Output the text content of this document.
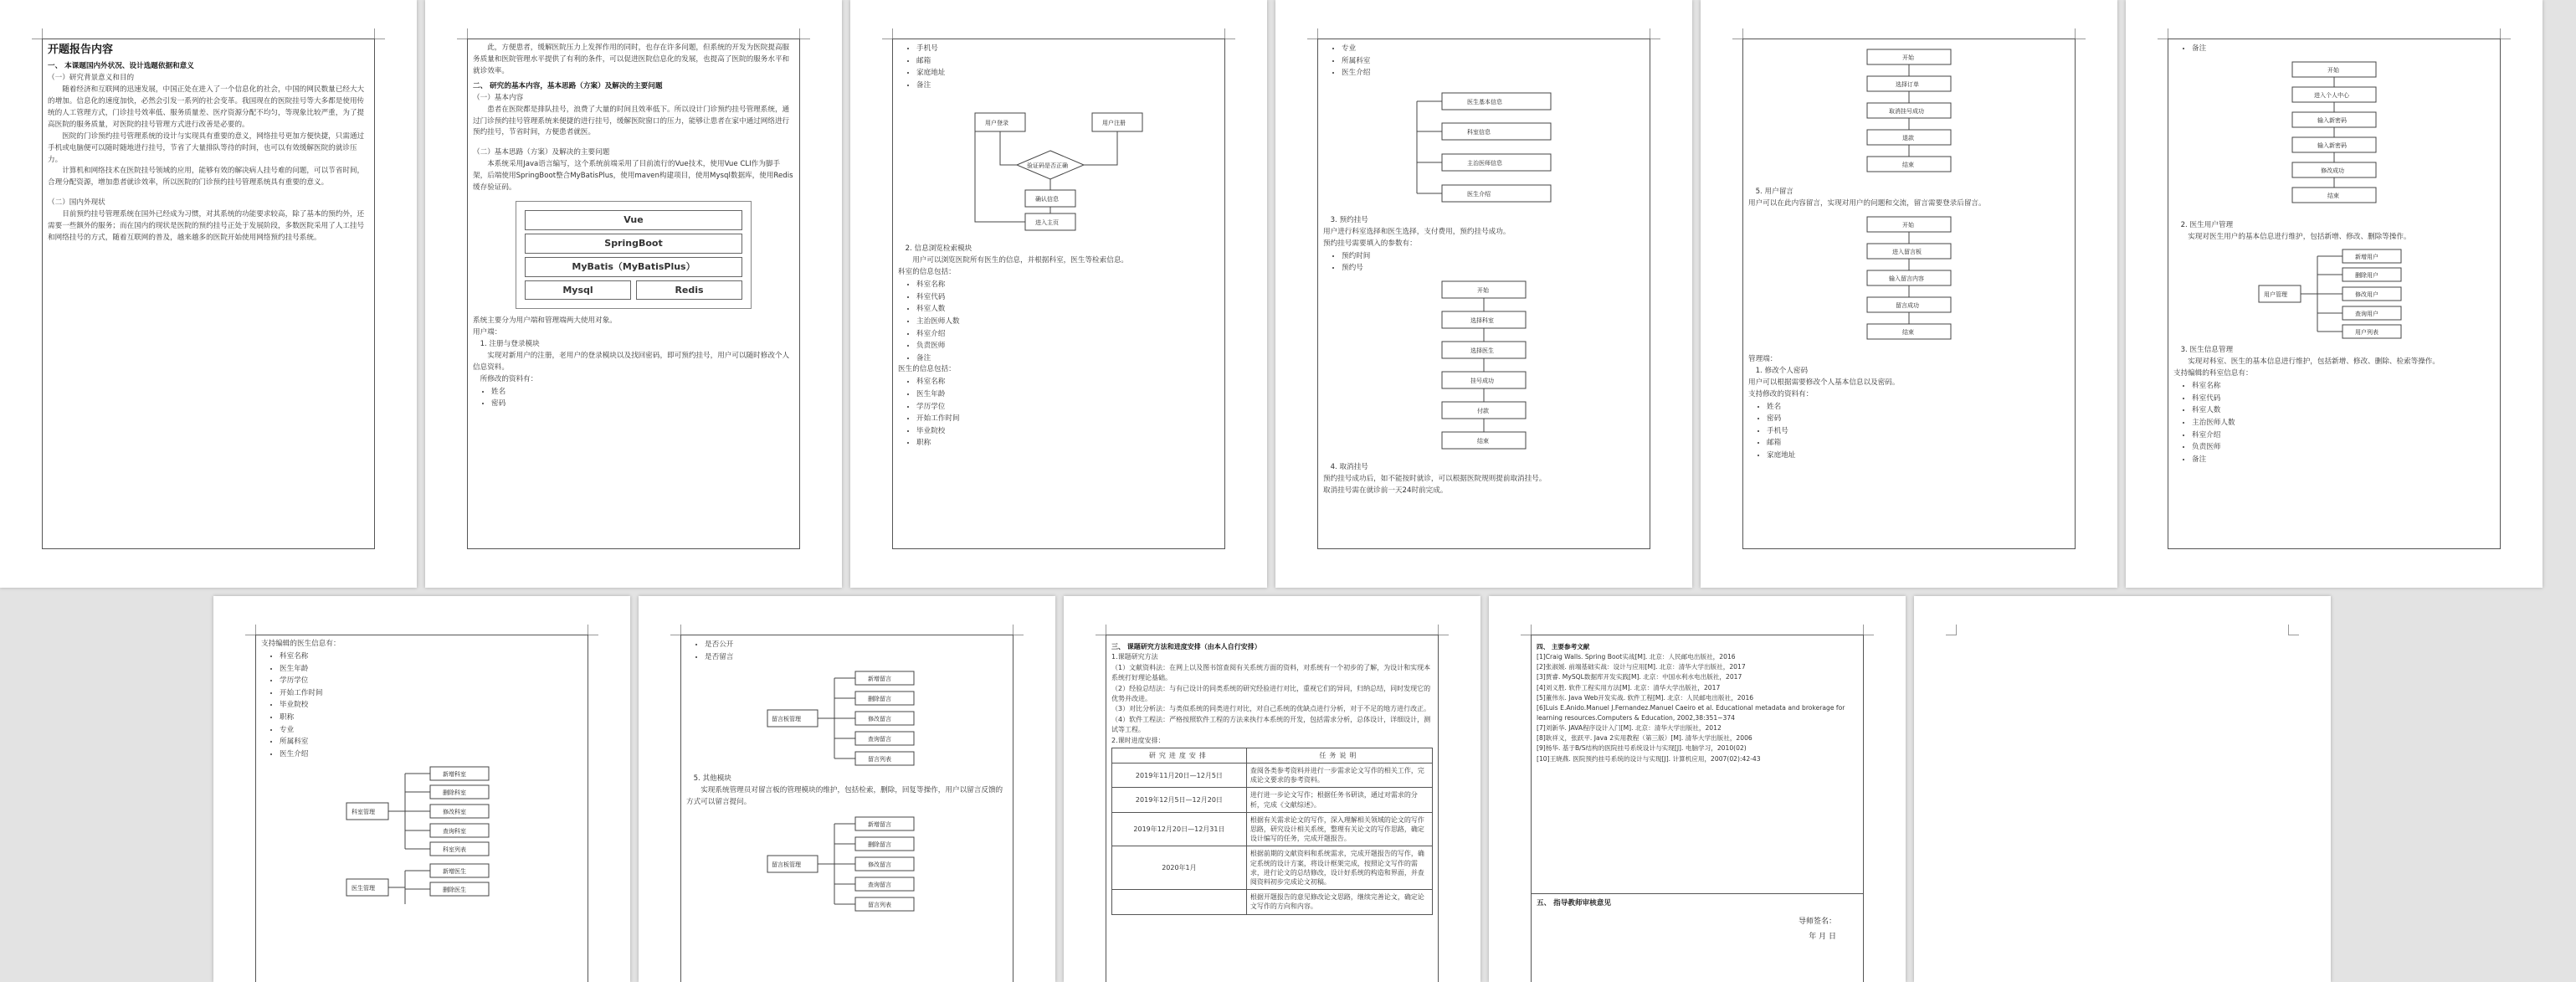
开题报告内容

一、 本课题国内外状况、设计选题依据和意义

（一）研究背景意义和目的

随着经济和互联网的迅速发展，中国正处在进入了一个信息化的社会，中国的网民数量已经大大的增加。信息化的速度加快，必然会引发一系列的社会变革。我国现在的医院挂号等大多都是使用传统的人工管理方式，门诊挂号效率低、服务质量差、医疗资源分配不均匀，等现象比较严重，为了提高医院的服务质量，对医院的挂号管理方式进行改善是必要的。

医院的门诊预约挂号管理系统的设计与实现具有重要的意义，网络挂号更加方便快捷，只需通过手机或电脑便可以随时随地进行挂号，节省了大量排队等待的时间，也可以有效缓解医院的就诊压力。

计算机和网络技术在医院挂号领域的应用，能够有效的解决病人挂号难的问题，可以节省时间，合理分配资源，增加患者就诊效率，所以医院的门诊预约挂号管理系统具有重要的意义。

（二）国内外现状

目前预约挂号管理系统在国外已经成为习惯，对其系统的功能要求较高，除了基本的预约外，还需要一些额外的服务；而在国内的现状是医院的预约挂号正处于发展阶段，多数医院采用了人工挂号和网络挂号的方式，随着互联网的普及，越来越多的医院开始使用网络预约挂号系统。

此，方便患者，缓解医院压力上发挥作用的同时，也存在许多问题，但系统的开发为医院提高服务质量和医院管理水平提供了有利的条件，可以促进医院信息化的发展，也提高了医院的服务水平和就诊效率。

二、 研究的基本内容，基本思路（方案）及解决的主要问题

（一）基本内容

患者在医院都是排队挂号，浪费了大量的时间且效率低下。所以设计门诊预约挂号管理系统，通过门诊预约挂号管理系统来便捷的进行挂号，缓解医院窗口的压力，能够让患者在家中通过网络进行预约挂号，节省时间，方便患者就医。

（二）基本思路（方案）及解决的主要问题

本系统采用Java语言编写，这个系统前端采用了目前流行的Vue技术，使用Vue CLI作为脚手架，后端使用SpringBoot整合MyBatisPlus，使用maven构建项目，使用Mysql数据库，使用Redis缓存验证码。

Vue
SpringBoot
MyBatis（MyBatisPlus）
Mysql	Redis

系统主要分为用户端和管理端两大使用对象。

用户端：

1. 注册与登录模块

实现对新用户的注册，老用户的登录模块以及找回密码，即可预约挂号，用户可以随时修改个人信息资料。

所修改的资料有：

• 姓名
• 密码
• 手机号
• 邮箱
• 家庭地址
• 备注
用户登录	用户注册
验证码是否正确
确认信息
进入主页

2. 信息浏览检索模块

用户可以浏览医院所有医生的信息，并根据科室，医生等检索信息。

科室的信息包括：

• 科室名称
• 科室代码
• 科室人数
• 主治医师人数
• 科室介绍
• 负责医师
• 备注

医生的信息包括：

• 科室名称
• 医生年龄
• 学历学位
• 开始工作时间
• 毕业院校
• 职称
• 专业
• 所属科室
• 医生介绍
医生基本信息
科室信息
主治医师信息
医生介绍

3. 预约挂号

用户进行科室选择和医生选择，支付费用，预约挂号成功。

预约挂号需要填入的参数有：

• 预约时间
• 预约号
开始
选择科室
选择医生
挂号成功
付款
结束

4. 取消挂号

预约挂号成功后，如不能按时就诊，可以根据医院规则提前取消挂号。

取消挂号需在就诊前一天24时前完成。

开始
选择订单
取消挂号成功
退款
结束

5. 用户留言

用户可以在此内容留言，实现对用户的问题和交流，留言需要登录后留言。

开始
进入留言板
输入留言内容
留言成功
结束

管理端：

1. 修改个人密码

用户可以根据需要修改个人基本信息以及密码。

支持修改的资料有：

• 姓名
• 密码
• 手机号
• 邮箱
• 家庭地址
• 备注
开始
进入个人中心
输入新密码
输入新密码
修改成功
结束

2. 医生用户管理

实现对医生用户的基本信息进行维护，包括新增、修改、删除等操作。

用户管理
新增用户
删除用户
修改用户
查询用户
用户列表

3. 医生信息管理

实现对科室、医生的基本信息进行维护，包括新增、修改、删除、检索等操作。

支持编辑的科室信息有：

• 科室名称
• 科室代码
• 科室人数
• 主治医师人数
• 科室介绍
• 负责医师
• 备注

支持编辑的医生信息有：

• 科室名称
• 医生年龄
• 学历学位
• 开始工作时间
• 毕业院校
• 职称
• 专业
• 所属科室
• 医生介绍
科室管理
新增科室
删除科室
修改科室
查询科室
科室列表
医生管理
新增医生
删除医生
• 是否公开
• 是否留言
留言板管理
新增留言
删除留言
修改留言
查询留言
留言列表

5. 其他模块

实现系统管理员对留言板的管理模块的维护，包括检索，删除，回复等操作，用户以留言反馈的方式可以留言提问。

留言板管理
新增留言
删除留言
修改留言
查询留言
留言列表

三、 课题研究方法和进度安排（由本人自行安排）

1.课题研究方法

（1）文献资料法：在网上以及图书馆查阅有关系统方面的资料，对系统有一个初步的了解，为设计和实现本系统打好理论基础。

（2）经验总结法：与有已设计的同类系统的研究经验进行对比，重视它们的异同，归纳总结，同时发现它的优势并改进。

（3）对比分析法：与类似系统的同类进行对比，对自己系统的优缺点进行分析，对于不足的地方进行改正。

（4）软件工程法：严格按照软件工程的方法来执行本系统的开发，包括需求分析，总体设计，详细设计，测试等工程。

2.课时进度安排：

研究进度安排	任务说明
2019年11月20日—12月5日	查阅各类参考资料并进行一步需求论文写作的相关工作，完成论文要求的参考资料。
2019年12月5日—12月20日	进行进一步论文写作；根据任务书研读，通过对需求的分析，完成《文献综述》。
2019年12月20日—12月31日	根据有关需求论文的写作，深入理解相关领域的论文的写作思路，研究设计相关系统，整理有关论文的写作思路，确定设计编写的任务，完成开题报告。
2020年1月	根据前期的文献资料和系统需求，完成开题报告的写作，确定系统的设计方案，将设计框架完成，按照论文写作的需求，进行论文的总结修改，设计好系统的构造和界面，并查阅资料初步完成论文初稿。
	根据开题报告的意见修改论文思路，继续完善论文，确定论文写作的方向和内容。

四、 主要参考文献

[1]Craig Walls. Spring Boot实战[M]. 北京：人民邮电出版社，2016

[2]张淑媛. 前端基础实战：设计与应用[M]. 北京：清华大学出版社，2017

[3]贾睿. MySQL数据库开发实践[M]. 北京：中国水利水电出版社，2017

[4]刘义胜. 软件工程实用方法[M]. 北京：清华大学出版社，2017

[5]董伟东. Java Web开发实战. 软件工程[M]. 北京：人民邮电出版社，2016

[6]Luis E.Anido.Manuel J.Fernandez.Manuel Caeiro et al. Educational metadata and brokerage for learning resources.Computers & Education, 2002,38:351~374

[7]刘新华. JAVA程序设计入门[M]. 北京：清华大学出版社，2012

[8]耿祥义，张跃平. Java 2实用教程（第三版）[M]. 清华大学出版社，2006

[9]杨华. 基于B/S结构的医院挂号系统设计与实现[J]. 电脑学习，2010(02)

[10]王晓燕. 医院预约挂号系统的设计与实现[J]. 计算机应用，2007(02):42-43

五、 指导教师审核意见

导师签名：
年 月 日
